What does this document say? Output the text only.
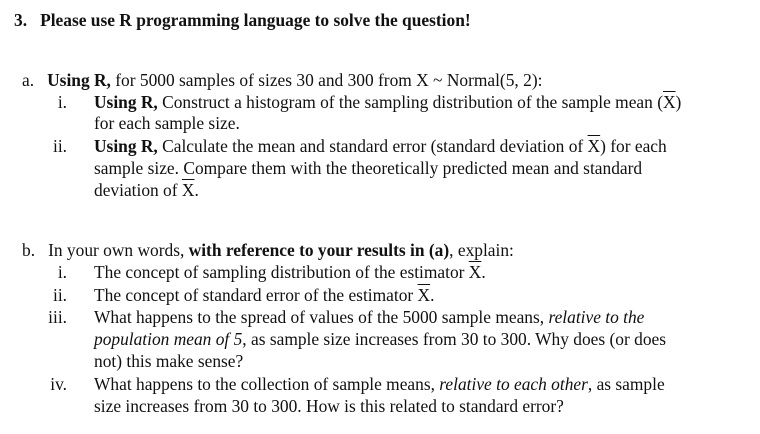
3. Please use R programming language to solve the question!
a. Using R, for 5000 samples of sizes 30 and 300 from X ~ Normal(5, 2):
i. Using R, Construct a histogram of the sampling distribution of the sample mean $(\overline{X})$
for each sample size.
ii. Using R, Calculate the mean and standard error (standard deviation of $\overline{X}$) for each
sample size. Compare them with the theoretically predicted mean and standard
deviation of $\overline{X}$.
b. In your own words, with reference to your results in (a), explain:
i. The concept of sampling distribution of the estimator $\overline{X}$.
ii. The concept of standard error of the estimator $\overline{X}$.
iii. What happens to the spread of values of the 5000 sample means, relative to the
population mean of 5, as sample size increases from 30 to 300. Why does (or does
not) this make sense?
iv. What happens to the collection of sample means, relative to each other, as sample
size increases from 30 to 300. How is this related to standard error?
